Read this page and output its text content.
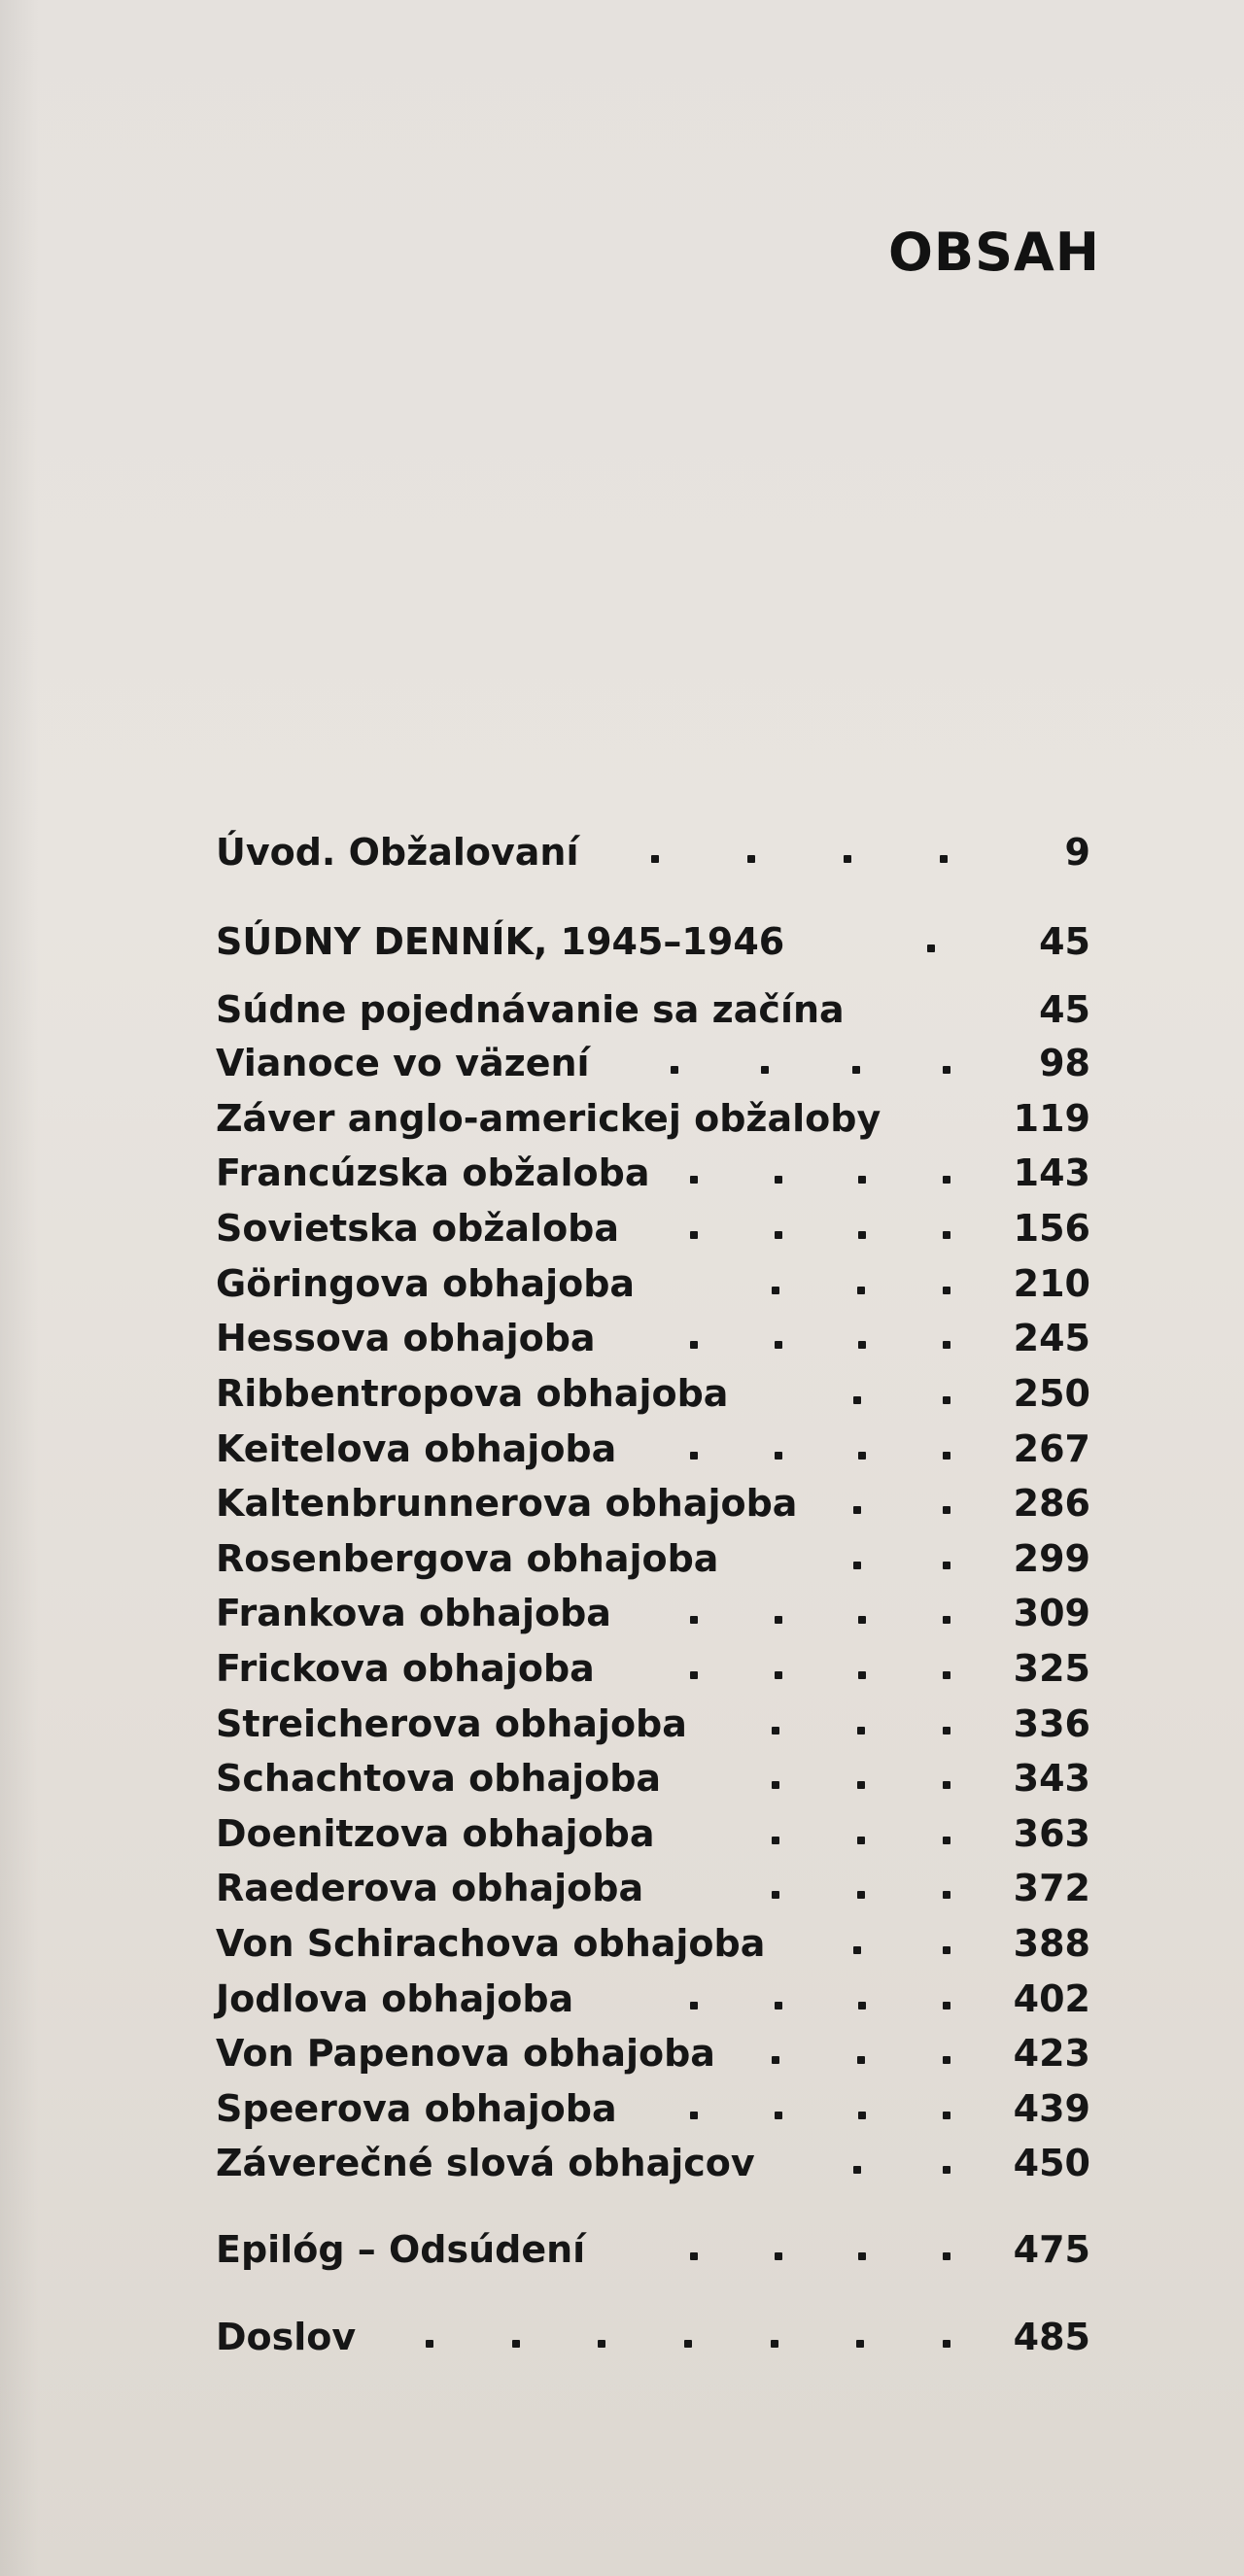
OBSAH
Úvod. Obžalovaní	9
SÚDNY DENNÍK, 1945–1946	45
Súdne pojednávanie sa začína	45
Vianoce vo väzení	98
Záver anglo-americkej obžaloby	119
Francúzska obžaloba	143
Sovietska obžaloba	156
Göringova obhajoba	210
Hessova obhajoba	245
Ribbentropova obhajoba	250
Keitelova obhajoba	267
Kaltenbrunnerova obhajoba	286
Rosenbergova obhajoba	299
Frankova obhajoba	309
Frickova obhajoba	325
Streicherova obhajoba	336
Schachtova obhajoba	343
Doenitzova obhajoba	363
Raederova obhajoba	372
Von Schirachova obhajoba	388
Jodlova obhajoba	402
Von Papenova obhajoba	423
Speerova obhajoba	439
Záverečné slová obhajcov	450
Epilóg – Odsúdení	475
Doslov	485
